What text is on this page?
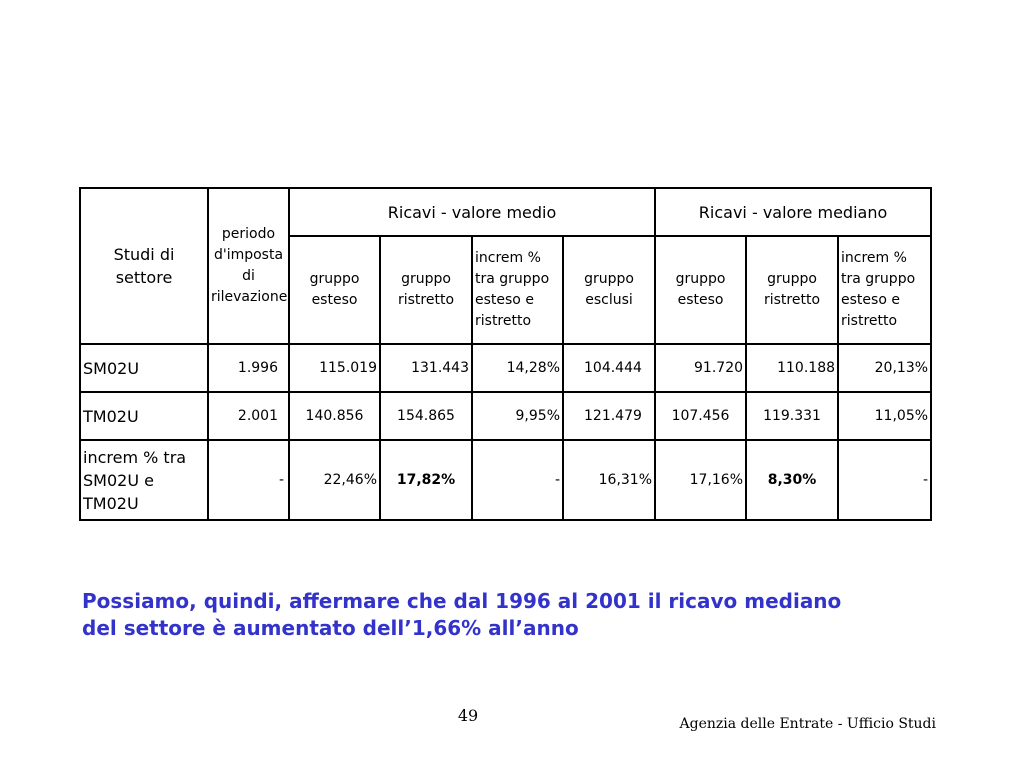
Studi di settore	periodo d'imposta di rilevazione	Ricavi - valore medio				Ricavi - valore mediano		
		gruppo esteso	gruppo ristretto	increm % tra gruppo esteso e ristretto	gruppo esclusi	gruppo esteso	gruppo ristretto	increm % tra gruppo esteso e ristretto
SM02U	1.996	115.019	131.443	14,28%	104.444	91.720	110.188	20,13%
TM02U	2.001	140.856	154.865	9,95%	121.479	107.456	119.331	11,05%
increm % tra SM02U e TM02U	-	22,46%	17,82%	-	16,31%	17,16%	8,30%	-
Possiamo, quindi, affermare che dal 1996 al 2001 il ricavo mediano del settore è aumentato dell’1,66% all’anno
49	Agenzia delle Entrate - Ufficio Studi
